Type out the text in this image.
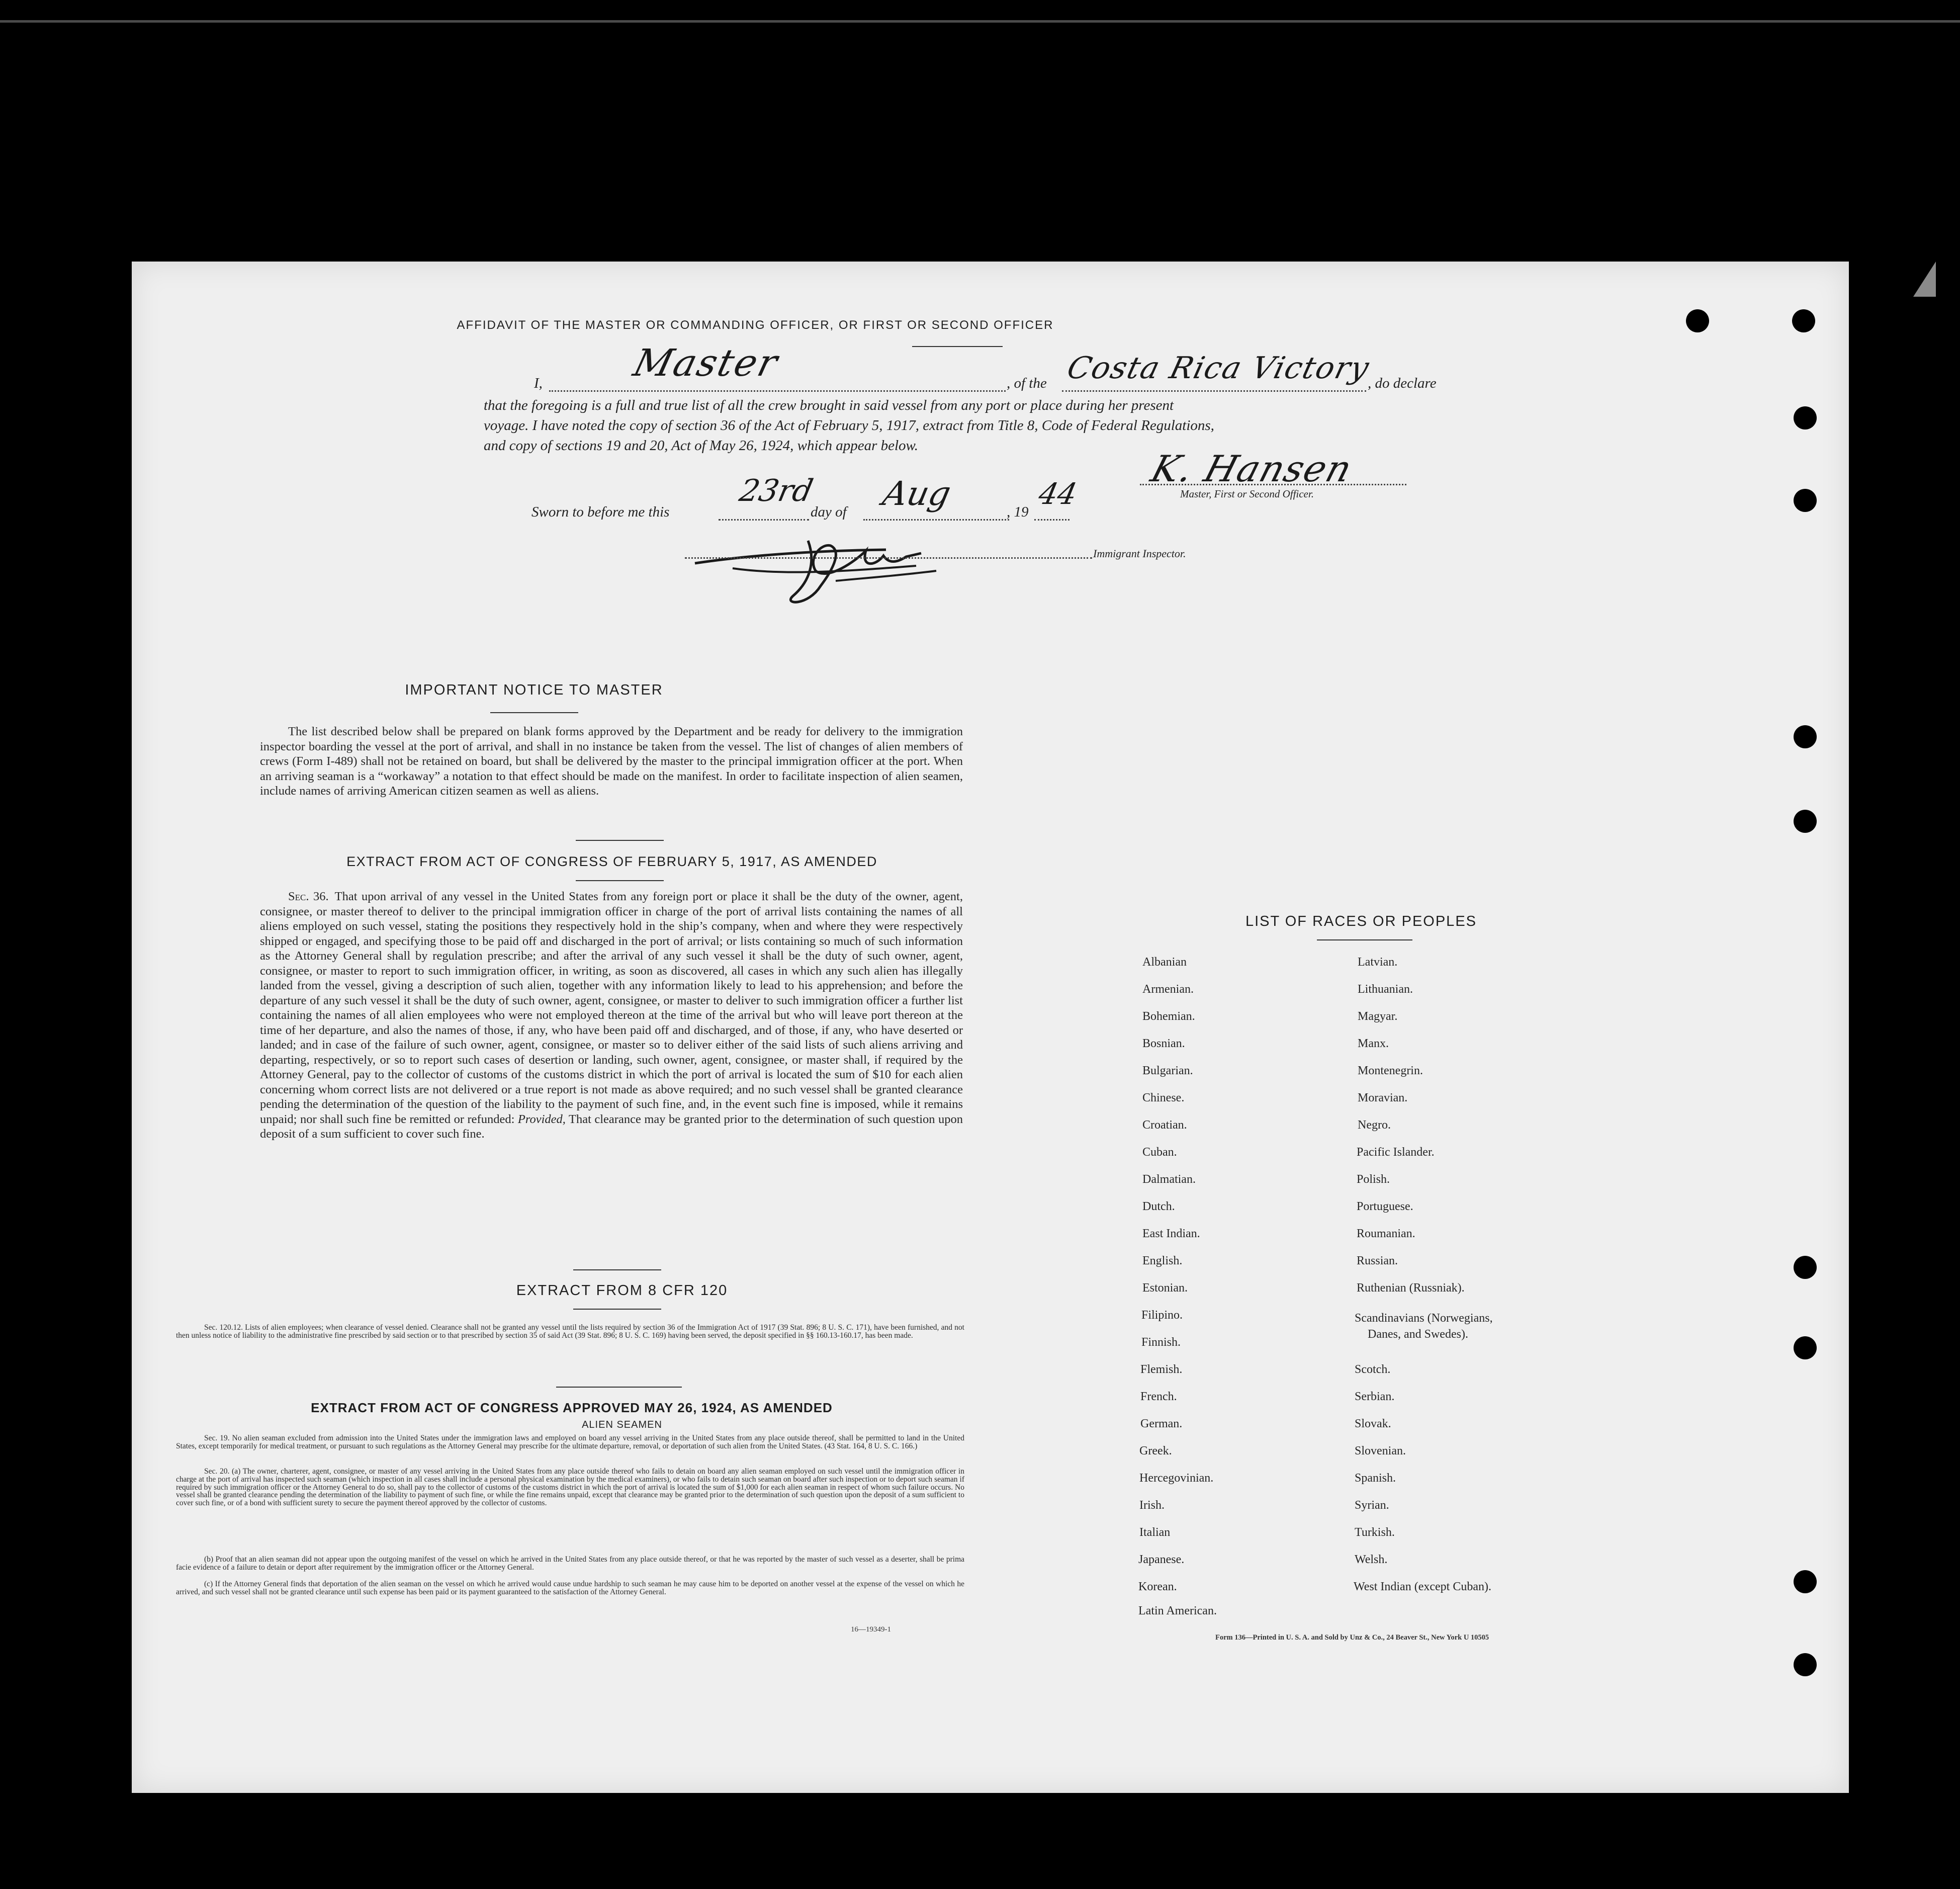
AFFIDAVIT OF THE MASTER OR COMMANDING OFFICER, OR FIRST OR SECOND OFFICER
I, Master	, of the Costa Rica Victory
, do declare
that the foregoing is a full and true list of all the crew brought in said vessel from any port or place during her present
voyage. I have noted the copy of section 36 of the Act of February 5, 1917, extract from Title 8, Code of Federal Regulations,
and copy of sections 19 and 20, Act of May 26, 1924, which appear below.
K. Hansen
Master, First or Second Officer.
Sworn to before me this
23rd
day of Aug	, 19
44
Immigrant Inspector.
IMPORTANT NOTICE TO MASTER
The list described below shall be prepared on blank forms approved by the Department and be ready for delivery to the immigration inspector boarding the vessel at the port of arrival, and shall in no instance be taken from the vessel. The list of changes of alien members of crews (Form I-489) shall not be retained on board, but shall be delivered by the master to the principal immigration officer at the port. When an arriving seaman is a “workaway” a notation to that effect should be made on the manifest. In order to facilitate inspection of alien seamen, include names of arriving American citizen seamen as well as aliens.
EXTRACT FROM ACT OF CONGRESS OF FEBRUARY 5, 1917, AS AMENDED
Sec. 36. That upon arrival of any vessel in the United States from any foreign port or place it shall be the duty of the owner, agent, consignee, or master thereof to deliver to the principal immigration officer in charge of the port of arrival lists containing the names of all aliens employed on such vessel, stating the positions they respectively hold in the ship’s company, when and where they were respectively shipped or engaged, and specifying those to be paid off and discharged in the port of arrival; or lists containing so much of such information as the Attorney General shall by regulation prescribe; and after the arrival of any such vessel it shall be the duty of such owner, agent, consignee, or master to report to such immigration officer, in writing, as soon as discovered, all cases in which any such alien has illegally landed from the vessel, giving a description of such alien, together with any information likely to lead to his apprehension; and before the departure of any such vessel it shall be the duty of such owner, agent, consignee, or master to deliver to such immigration officer a further list containing the names of all alien employees who were not employed thereon at the time of the arrival but who will leave port thereon at the time of her departure, and also the names of those, if any, who have been paid off and discharged, and of those, if any, who have deserted or landed; and in case of the failure of such owner, agent, consignee, or master so to deliver either of the said lists of such aliens arriving and departing, respectively, or so to report such cases of desertion or landing, such owner, agent, consignee, or master shall, if required by the Attorney General, pay to the collector of customs of the customs district in which the port of arrival is located the sum of $10 for each alien concerning whom correct lists are not delivered or a true report is not made as above required; and no such vessel shall be granted clearance pending the determination of the question of the liability to the payment of such fine, and, in the event such fine is imposed, while it remains unpaid; nor shall such fine be remitted or refunded: Provided, That clearance may be granted prior to the determination of such question upon deposit of a sum sufficient to cover such fine.
EXTRACT FROM 8 CFR 120
Sec. 120.12. Lists of alien employees; when clearance of vessel denied. Clearance shall not be granted any vessel until the lists required by section 36 of the Immigration Act of 1917 (39 Stat. 896; 8 U. S. C. 171), have been furnished, and not then unless notice of liability to the administrative fine prescribed by said section or to that prescribed by section 35 of said Act (39 Stat. 896; 8 U. S. C. 169) having been served, the deposit specified in §§ 160.13-160.17, has been made.
EXTRACT FROM ACT OF CONGRESS APPROVED MAY 26, 1924, AS AMENDED
ALIEN SEAMEN
Sec. 19. No alien seaman excluded from admission into the United States under the immigration laws and employed on board any vessel arriving in the United States from any place outside thereof, shall be permitted to land in the United States, except temporarily for medical treatment, or pursuant to such regulations as the Attorney General may prescribe for the ultimate departure, removal, or deportation of such alien from the United States. (43 Stat. 164, 8 U. S. C. 166.)
Sec. 20. (a) The owner, charterer, agent, consignee, or master of any vessel arriving in the United States from any place outside thereof who fails to detain on board any alien seaman employed on such vessel until the immigration officer in charge at the port of arrival has inspected such seaman (which inspection in all cases shall include a personal physical examination by the medical examiners), or who fails to detain such seaman on board after such inspection or to deport such seaman if required by such immigration officer or the Attorney General to do so, shall pay to the collector of customs of the customs district in which the port of arrival is located the sum of $1,000 for each alien seaman in respect of whom such failure occurs. No vessel shall be granted clearance pending the determination of the liability to payment of such fine, or while the fine remains unpaid, except that clearance may be granted prior to the determination of such question upon the deposit of a sum sufficient to cover such fine, or of a bond with sufficient surety to secure the payment thereof approved by the collector of customs.
(b) Proof that an alien seaman did not appear upon the outgoing manifest of the vessel on which he arrived in the United States from any place outside thereof, or that he was reported by the master of such vessel as a deserter, shall be prima facie evidence of a failure to detain or deport after requirement by the immigration officer or the Attorney General.
(c) If the Attorney General finds that deportation of the alien seaman on the vessel on which he arrived would cause undue hardship to such seaman he may cause him to be deported on another vessel at the expense of the vessel on which he arrived, and such vessel shall not be granted clearance until such expense has been paid or its payment guaranteed to the satisfaction of the Attorney General.
16—19349-1
LIST OF RACES OR PEOPLES
Albanian
Armenian.
Bohemian.
Bosnian.
Bulgarian.
Chinese.
Croatian.
Cuban.
Dalmatian.
Dutch.
East Indian.
English.
Estonian.
Filipino.
Finnish.
Flemish.
French.
German.
Greek.
Hercegovinian.
Irish.
Italian
Japanese.
Korean.
Latin American.
Latvian.
Lithuanian.
Magyar.
Manx.
Montenegrin.
Moravian.
Negro.
Pacific Islander.
Polish.
Portuguese.
Roumanian.
Russian.
Ruthenian (Russniak).
Scandinavians (Norwegians,
Danes, and Swedes).
Scotch.
Serbian.
Slovak.
Slovenian.
Spanish.
Syrian.
Turkish.
Welsh.
West Indian (except Cuban).
Form 136—Printed in U. S. A. and Sold by Unz & Co., 24 Beaver St., New York U 10505
